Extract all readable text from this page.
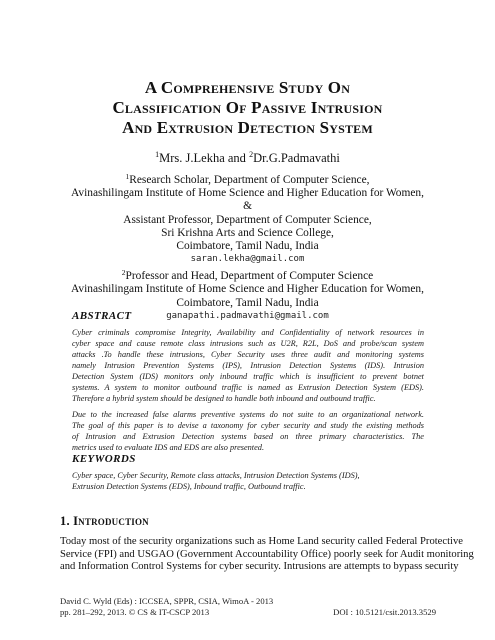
A Comprehensive Study On
Classification Of Passive Intrusion
And Extrusion Detection System
$^1$Mrs. J.Lekha and $^2$Dr.G.Padmavathi
$^1$Research Scholar, Department of Computer Science,
Avinashilingam Institute of Home Science and Higher Education for Women,
&
Assistant Professor, Department of Computer Science,
Sri Krishna Arts and Science College,
Coimbatore, Tamil Nadu, India
saran.lekha@gmail.com
$^2$Professor and Head, Department of Computer Science
Avinashilingam Institute of Home Science and Higher Education for Women,
Coimbatore, Tamil Nadu, India
ganapathi.padmavathi@gmail.com
ABSTRACT
Cyber criminals compromise Integrity, Availability and Confidentiality of network resources in
cyber space and cause remote class intrusions such as U2R, R2L, DoS and probe/scan system
attacks .To handle these intrusions, Cyber Security uses three audit and monitoring systems
namely Intrusion Prevention Systems (IPS), Intrusion Detection Systems (IDS). Intrusion
Detection System (IDS) monitors only inbound traffic which is insufficient to prevent botnet
systems. A system to monitor outbound traffic is named as Extrusion Detection System (EDS).
Therefore a hybrid system should be designed to handle both inbound and outbound traffic.
Due to the increased false alarms preventive systems do not suite to an organizational network.
The goal of this paper is to devise a taxonomy for cyber security and study the existing methods
of Intrusion and Extrusion Detection systems based on three primary characteristics. The
metrics used to evaluate IDS and EDS are also presented.
KEYWORDS
Cyber space, Cyber Security, Remote class attacks, Intrusion Detection Systems (IDS),
Extrusion Detection Systems (EDS), Inbound traffic, Outbound traffic.
1. Introduction
Today most of the security organizations such as Home Land security called Federal Protective
Service (FPI) and USGAO (Government Accountability Office) poorly seek for Audit monitoring
and Information Control Systems for cyber security. Intrusions are attempts to bypass security
David C. Wyld (Eds) : ICCSEA, SPPR, CSIA, WimoA - 2013
pp. 281–292, 2013. © CS & IT-CSCP 2013	DOI : 10.5121/csit.2013.3529
